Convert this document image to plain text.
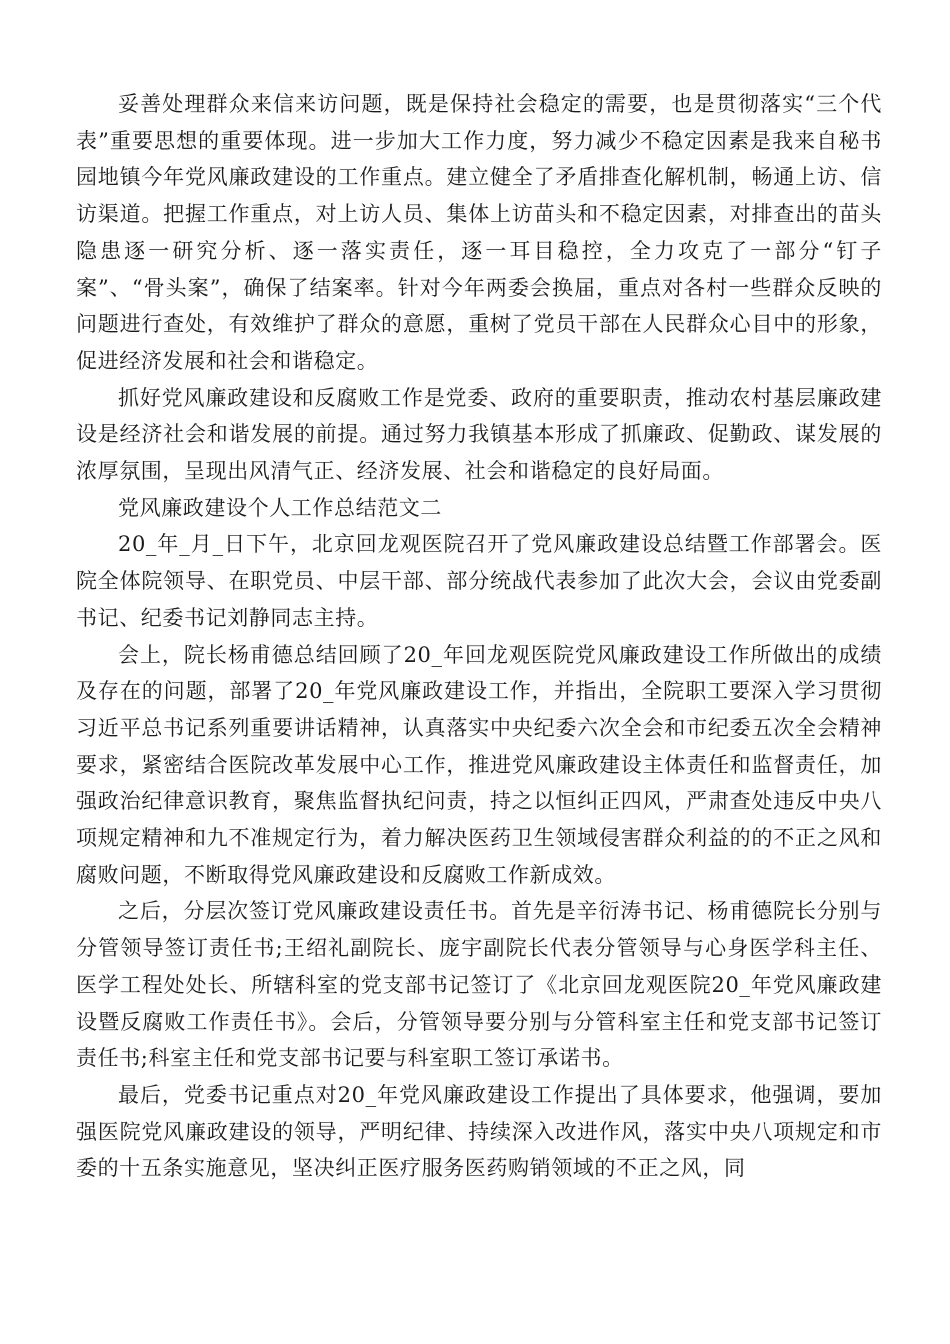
妥善处理群众来信来访问题，既是保持社会稳定的需要，也是贯彻落实“三个代表”重要思想的重要体现。进一步加大工作力度，努力减少不稳定因素是我来自秘书园地镇今年党风廉政建设的工作重点。建立健全了矛盾排查化解机制，畅通上访、信访渠道。把握工作重点，对上访人员、集体上访苗头和不稳定因素，对排查出的苗头隐患逐一研究分析、逐一落实责任，逐一耳目稳控，全力攻克了一部分“钉子案”、“骨头案”，确保了结案率。针对今年两委会换届，重点对各村一些群众反映的问题进行查处，有效维护了群众的意愿，重树了党员干部在人民群众心目中的形象，促进经济发展和社会和谐稳定。

抓好党风廉政建设和反腐败工作是党委、政府的重要职责，推动农村基层廉政建设是经济社会和谐发展的前提。通过努力我镇基本形成了抓廉政、促勤政、谋发展的浓厚氛围，呈现出风清气正、经济发展、社会和谐稳定的良好局面。

党风廉政建设个人工作总结范文二

20_年_月_日下午，北京回龙观医院召开了党风廉政建设总结暨工作部署会。医院全体院领导、在职党员、中层干部、部分统战代表参加了此次大会，会议由党委副书记、纪委书记刘静同志主持。

会上，院长杨甫德总结回顾了20_年回龙观医院党风廉政建设工作所做出的成绩及存在的问题，部署了20_年党风廉政建设工作，并指出，全院职工要深入学习贯彻习近平总书记系列重要讲话精神，认真落实中央纪委六次全会和市纪委五次全会精神要求，紧密结合医院改革发展中心工作，推进党风廉政建设主体责任和监督责任，加强政治纪律意识教育，聚焦监督执纪问责，持之以恒纠正四风，严肃查处违反中央八项规定精神和九不准规定行为，着力解决医药卫生领域侵害群众利益的的不正之风和腐败问题，不断取得党风廉政建设和反腐败工作新成效。

之后，分层次签订党风廉政建设责任书。首先是辛衍涛书记、杨甫德院长分别与分管领导签订责任书;王绍礼副院长、庞宇副院长代表分管领导与心身医学科主任、医学工程处处长、所辖科室的党支部书记签订了《北京回龙观医院20_年党风廉政建设暨反腐败工作责任书》。会后，分管领导要分别与分管科室主任和党支部书记签订责任书;科室主任和党支部书记要与科室职工签订承诺书。

最后，党委书记重点对20_年党风廉政建设工作提出了具体要求，他强调，要加强医院党风廉政建设的领导，严明纪律、持续深入改进作风，落实中央八项规定和市委的十五条实施意见，坚决纠正医疗服务医药购销领域的不正之风，同
